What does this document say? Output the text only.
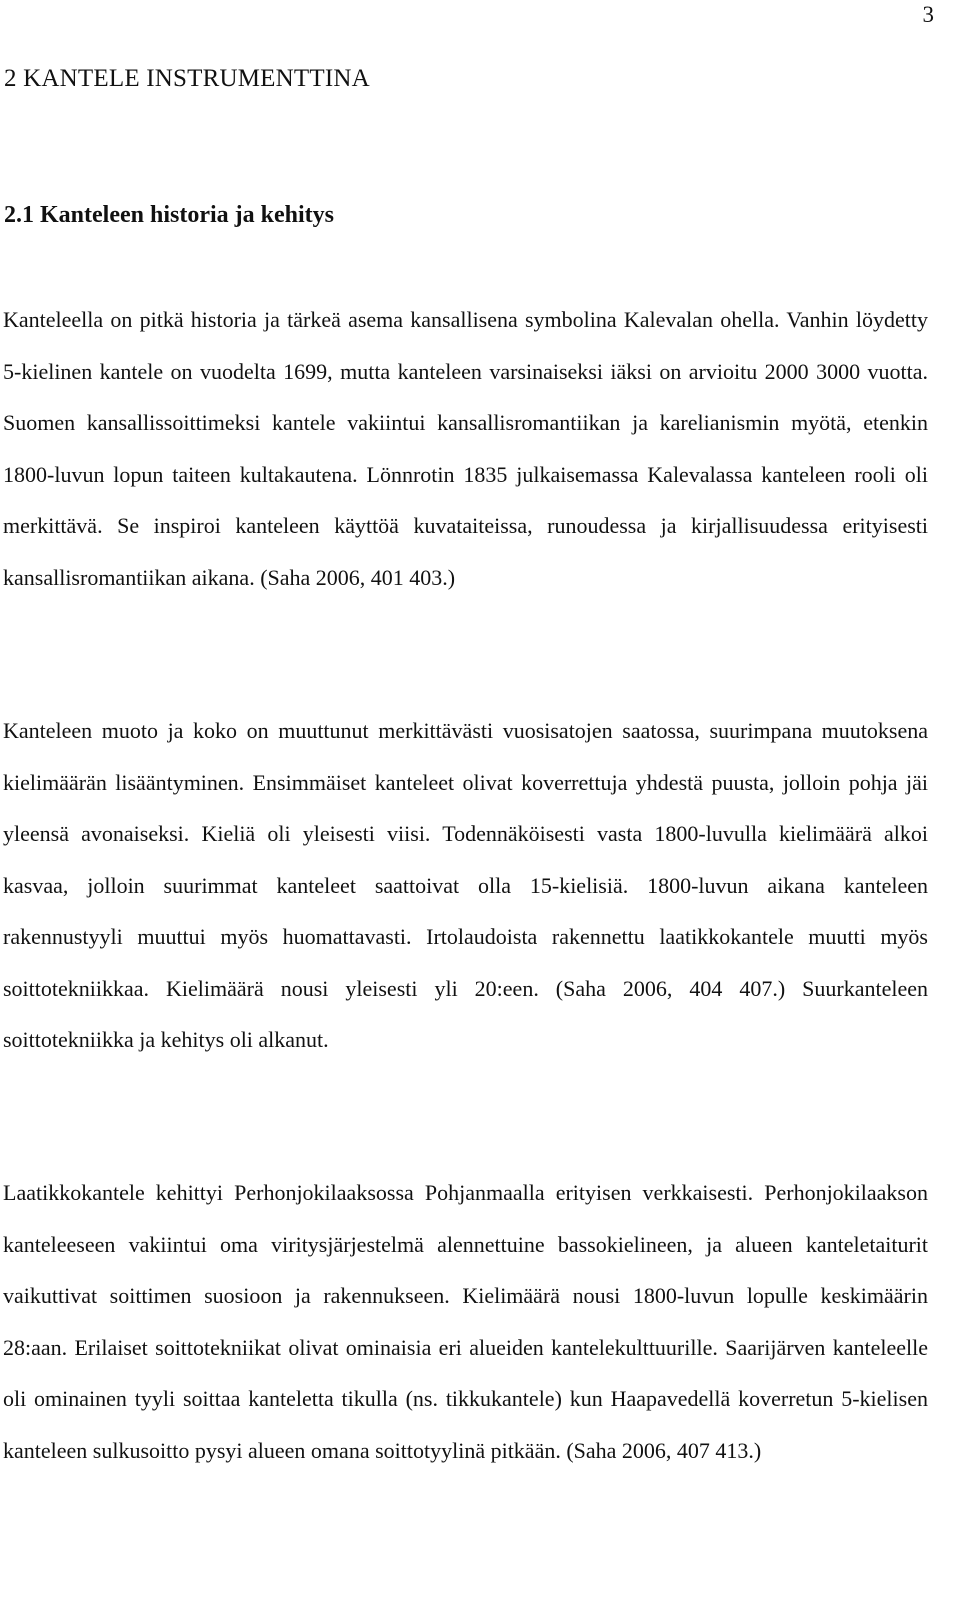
3
2 KANTELE INSTRUMENTTINA
2.1 Kanteleen historia ja kehitys

Kanteleella on pitkä historia ja tärkeä asema kansallisena symbolina Kalevalan ohella. Vanhin löydetty 5-kielinen kantele on vuodelta 1699, mutta kanteleen varsinaiseksi iäksi on arvioitu 2000 3000 vuotta. Suomen kansallissoittimeksi kantele vakiintui kansallisromantiikan ja karelianismin myötä, etenkin 1800-luvun lopun taiteen kultakautena. Lönnrotin 1835 julkaisemassa Kalevalassa kanteleen rooli oli merkittävä. Se inspiroi kanteleen käyttöä kuvataiteissa, runoudessa ja kirjallisuudessa erityisesti kansallisromantiikan aikana. (Saha 2006, 401 403.)

Kanteleen muoto ja koko on muuttunut merkittävästi vuosisatojen saatossa, suurimpana muutoksena kielimäärän lisääntyminen. Ensimmäiset kanteleet olivat koverrettuja yhdestä puusta, jolloin pohja jäi yleensä avonaiseksi. Kieliä oli yleisesti viisi. Todennäköisesti vasta 1800-luvulla kielimäärä alkoi kasvaa, jolloin suurimmat kanteleet saattoivat olla 15-kielisiä. 1800-luvun aikana kanteleen rakennustyyli muuttui myös huomattavasti. Irtolaudoista rakennettu laatikkokantele muutti myös soittotekniikkaa. Kielimäärä nousi yleisesti yli 20:een. (Saha 2006, 404 407.) Suurkanteleen soittotekniikka ja kehitys oli alkanut.

Laatikkokantele kehittyi Perhonjokilaaksossa Pohjanmaalla erityisen verkkaisesti. Perhonjokilaakson kanteleeseen vakiintui oma viritysjärjestelmä alennettuine bassokielineen, ja alueen kanteletaiturit vaikuttivat soittimen suosioon ja rakennukseen. Kielimäärä nousi 1800-luvun lopulle keskimäärin 28:aan. Erilaiset soittotekniikat olivat ominaisia eri alueiden kantelekulttuurille. Saarijärven kanteleelle oli ominainen tyyli soittaa kanteletta tikulla (ns. tikkukantele) kun Haapavedellä koverretun 5-kielisen kanteleen sulkusoitto pysyi alueen omana soittotyylinä pitkään. (Saha 2006, 407 413.)
